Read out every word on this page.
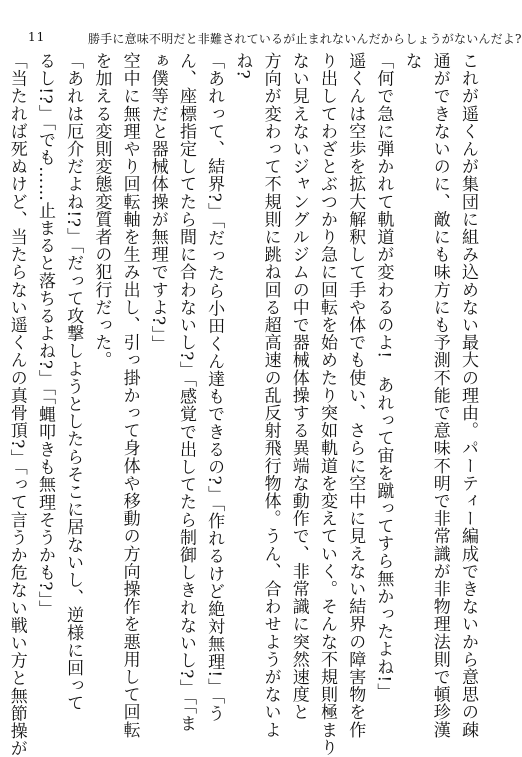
11	勝手に意味不明だと非難されているが止まれないんだからしょうがないんだよ?
これが遥くんが集団に組み込めない最大の理由。パーティー編成できないから意思の疎
通ができないのに、敵にも味方にも予測不能で意味不明で非常識が非物理法則で頓珍漢
な
「何で急に弾かれて軌道が変わるのよ!　あれって宙を蹴ってすら無かったよね!」
遥くんは空歩を拡大解釈して手や体でも使い、さらに空中に見えない結界の障害物を作
り出してわざとぶつかり急に回転を始めたり突如軌道を変えていく。そんな不規則極まり
ない見えないジャングルジムの中で器械体操する異端な動作で、非常識に突然速度と
方向が変わって不規則に跳ね回る超高速の乱反射飛行物体。うん、合わせようがないよ
ね?
「あれって、結界?」「だったら小田くん達もできるの?」「作れるけど絶対無理!」「う
ん、座標指定してたら間に合わないし?」「感覚で出してたら制御しきれないし?」「「ま
ぁ僕等だと器械体操が無理ですよ?」」
空中に無理やり回転軸を生み出し、引っ掛かって身体や移動の方向操作を悪用して回転
を加える変則変態変質者の犯行だった。
「あれは厄介だよね!?」「だって攻撃しようとしたらそこに居ないし、逆様に回って
るし!?」「でも……止まると落ちるよね?」「「蝿叩きも無理そうかも?」」
「当たれば死ぬけど、当たらない遥くんの真骨頂?」「って言うか危ない戦い方と無節操が
